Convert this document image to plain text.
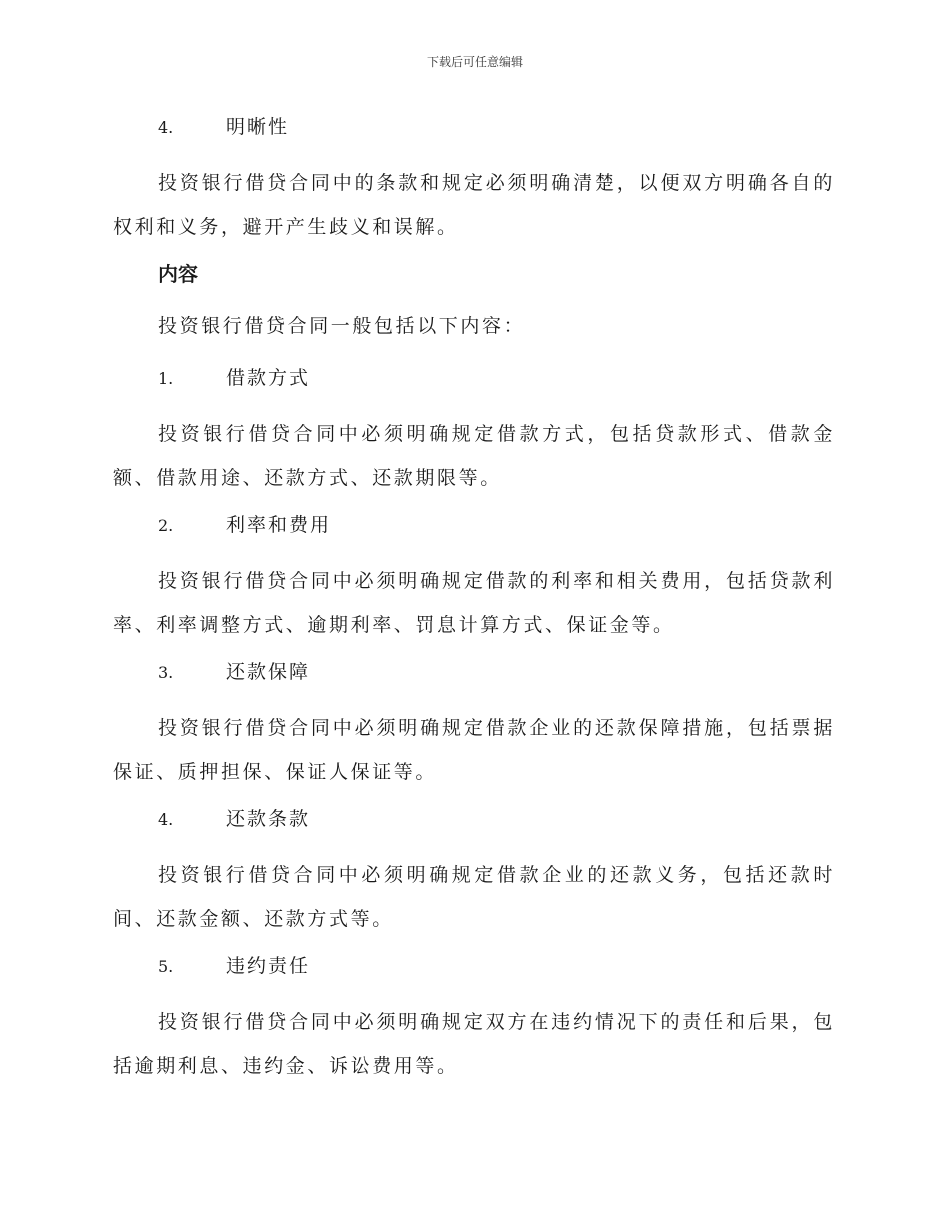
下载后可任意编辑
4.	明晰性

投资银行借贷合同中的条款和规定必须明确清楚，以便双方明确各自的权利和义务，避开产生歧义和误解。

内容
投资银行借贷合同一般包括以下内容：
1.	借款方式

投资银行借贷合同中必须明确规定借款方式，包括贷款形式、借款金额、借款用途、还款方式、还款期限等。

2.	利率和费用

投资银行借贷合同中必须明确规定借款的利率和相关费用，包括贷款利率、利率调整方式、逾期利率、罚息计算方式、保证金等。

3.	还款保障

投资银行借贷合同中必须明确规定借款企业的还款保障措施，包括票据保证、质押担保、保证人保证等。

4.	还款条款

投资银行借贷合同中必须明确规定借款企业的还款义务，包括还款时间、还款金额、还款方式等。

5.	违约责任

投资银行借贷合同中必须明确规定双方在违约情况下的责任和后果，包括逾期利息、违约金、诉讼费用等。
